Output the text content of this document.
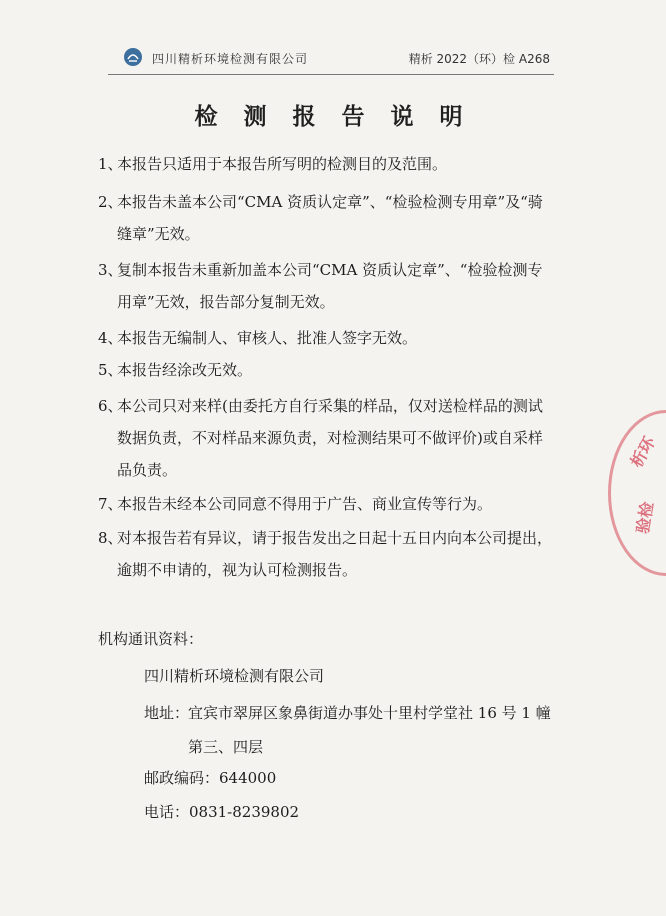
四川精析环境检测有限公司	精析 2022（环）检 A268
检 测 报 告 说 明
1、
本报告只适用于本报告所写明的检测目的及范围。
2、
本报告未盖本公司“CMA 资质认定章”、“检验检测专用章”及“骑
缝章”无效。
3、
复制本报告未重新加盖本公司“CMA 资质认定章”、“检验检测专
用章”无效，报告部分复制无效。
4、
本报告无编制人、审核人、批准人签字无效。
5、
本报告经涂改无效。
6、
本公司只对来样(由委托方自行采集的样品，仅对送检样品的测试
数据负责，不对样品来源负责，对检测结果可不做评价)或自采样
品负责。
7、
本报告未经本公司同意不得用于广告、商业宣传等行为。
8、
对本报告若有异议，请于报告发出之日起十五日内向本公司提出，
逾期不申请的，视为认可检测报告。
机构通讯资料：
四川精析环境检测有限公司
地址：
宜宾市翠屏区象鼻街道办事处十里村学堂社 16 号 1 幢
第三、四层
邮政编码：644000
电话：0831-8239802
析环
验检
